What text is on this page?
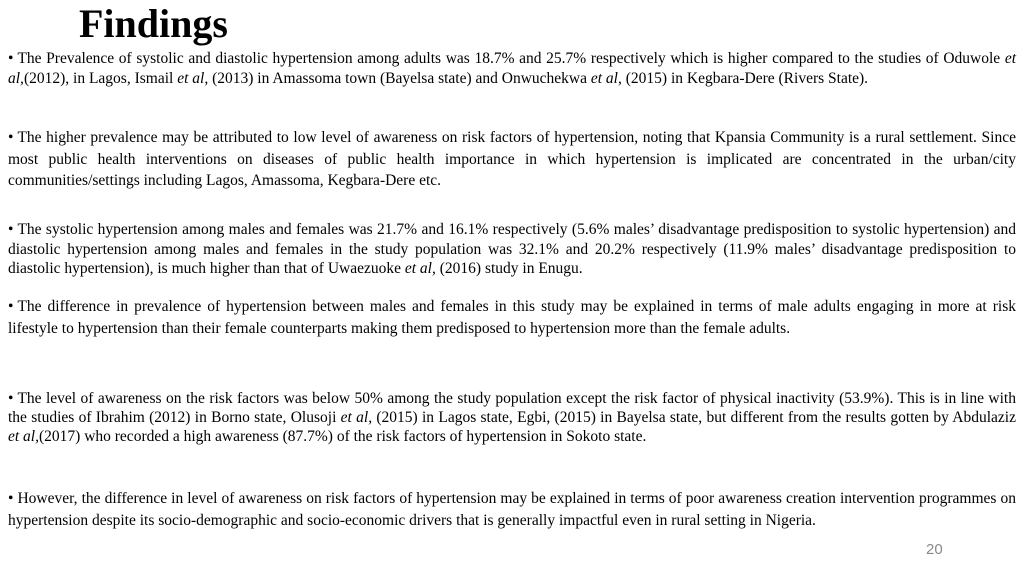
Findings

• The Prevalence of systolic and diastolic hypertension among adults was 18.7% and 25.7% respectively which is higher compared to the studies of Oduwole et al,(2012), in Lagos, Ismail et al, (2013) in Amassoma town (Bayelsa state) and Onwuchekwa et al, (2015) in Kegbara-Dere (Rivers State).

• The higher prevalence may be attributed to low level of awareness on risk factors of hypertension, noting that Kpansia Community is a rural settlement. Since most public health interventions on diseases of public health importance in which hypertension is implicated are concentrated in the urban/city communities/settings including Lagos, Amassoma, Kegbara-Dere etc.

• The systolic hypertension among males and females was 21.7% and 16.1% respectively (5.6% males’ disadvantage predisposition to systolic hypertension) and diastolic hypertension among males and females in the study population was 32.1% and 20.2% respectively (11.9% males’ disadvantage predisposition to diastolic hypertension), is much higher than that of Uwaezuoke et al, (2016) study in Enugu.

• The difference in prevalence of hypertension between males and females in this study may be explained in terms of male adults engaging in more at risk lifestyle to hypertension than their female counterparts making them predisposed to hypertension more than the female adults.

• The level of awareness on the risk factors was below 50% among the study population except the risk factor of physical inactivity (53.9%). This is in line with the studies of Ibrahim (2012) in Borno state, Olusoji et al, (2015) in Lagos state, Egbi, (2015) in Bayelsa state, but different from the results gotten by Abdulaziz et al,(2017) who recorded a high awareness (87.7%) of the risk factors of hypertension in Sokoto state.

• However, the difference in level of awareness on risk factors of hypertension may be explained in terms of poor awareness creation intervention programmes on hypertension despite its socio-demographic and socio-economic drivers that is generally impactful even in rural setting in Nigeria.

20
